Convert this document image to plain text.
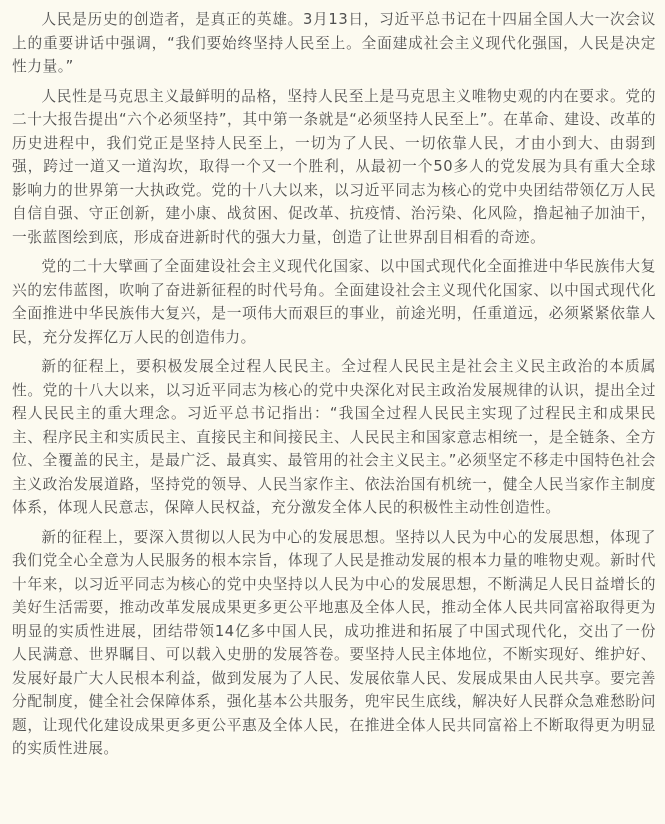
人民是历史的创造者，是真正的英雄。3月13日，习近平总书记在十四届全国人大一次会议上的重要讲话中强调，“我们要始终坚持人民至上。全面建成社会主义现代化强国，人民是决定性力量。”

人民性是马克思主义最鲜明的品格，坚持人民至上是马克思主义唯物史观的内在要求。党的二十大报告提出“六个必须坚持”，其中第一条就是“必须坚持人民至上”。在革命、建设、改革的历史进程中，我们党正是坚持人民至上，一切为了人民、一切依靠人民，才由小到大、由弱到强，跨过一道又一道沟坎，取得一个又一个胜利，从最初一个50多人的党发展为具有重大全球影响力的世界第一大执政党。党的十八大以来，以习近平同志为核心的党中央团结带领亿万人民自信自强、守正创新，建小康、战贫困、促改革、抗疫情、治污染、化风险，撸起袖子加油干，一张蓝图绘到底，形成奋进新时代的强大力量，创造了让世界刮目相看的奇迹。

党的二十大擘画了全面建设社会主义现代化国家、以中国式现代化全面推进中华民族伟大复兴的宏伟蓝图，吹响了奋进新征程的时代号角。全面建设社会主义现代化国家、以中国式现代化全面推进中华民族伟大复兴，是一项伟大而艰巨的事业，前途光明，任重道远，必须紧紧依靠人民，充分发挥亿万人民的创造伟力。

新的征程上，要积极发展全过程人民民主。全过程人民民主是社会主义民主政治的本质属性。党的十八大以来，以习近平同志为核心的党中央深化对民主政治发展规律的认识，提出全过程人民民主的重大理念。习近平总书记指出：“我国全过程人民民主实现了过程民主和成果民主、程序民主和实质民主、直接民主和间接民主、人民民主和国家意志相统一，是全链条、全方位、全覆盖的民主，是最广泛、最真实、最管用的社会主义民主。”必须坚定不移走中国特色社会主义政治发展道路，坚持党的领导、人民当家作主、依法治国有机统一，健全人民当家作主制度体系，体现人民意志，保障人民权益，充分激发全体人民的积极性主动性创造性。

新的征程上，要深入贯彻以人民为中心的发展思想。坚持以人民为中心的发展思想，体现了我们党全心全意为人民服务的根本宗旨，体现了人民是推动发展的根本力量的唯物史观。新时代十年来，以习近平同志为核心的党中央坚持以人民为中心的发展思想，不断满足人民日益增长的美好生活需要，推动改革发展成果更多更公平地惠及全体人民，推动全体人民共同富裕取得更为明显的实质性进展，团结带领14亿多中国人民，成功推进和拓展了中国式现代化，交出了一份人民满意、世界瞩目、可以载入史册的发展答卷。要坚持人民主体地位，不断实现好、维护好、发展好最广大人民根本利益，做到发展为了人民、发展依靠人民、发展成果由人民共享。要完善分配制度，健全社会保障体系，强化基本公共服务，兜牢民生底线，解决好人民群众急难愁盼问题，让现代化建设成果更多更公平惠及全体人民，在推进全体人民共同富裕上不断取得更为明显的实质性进展。
